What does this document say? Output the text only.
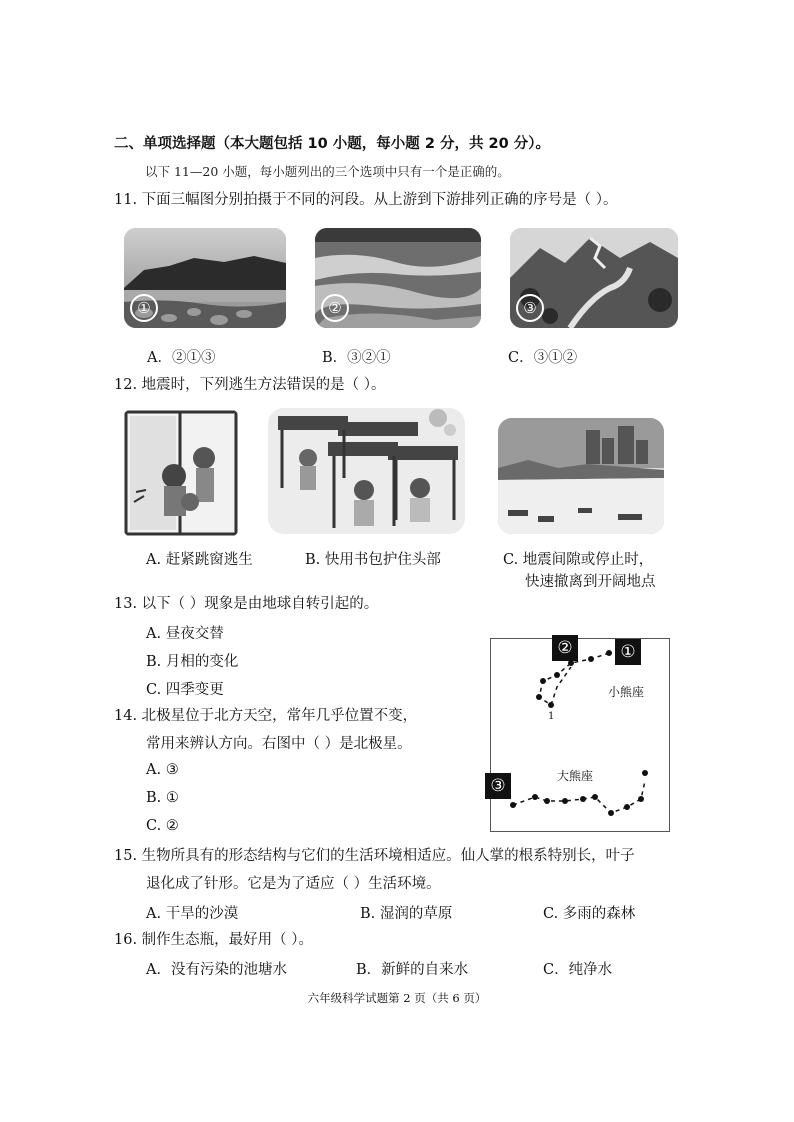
二、单项选择题（本大题包括 10 小题，每小题 2 分，共 20 分）。
以下 11—20 小题，每小题列出的三个选项中只有一个是正确的。
11. 下面三幅图分别拍摄于不同的河段。从上游到下游排列正确的序号是（ ）。
①	②	③
A．②①③	B．③②①	C．③①②
12. 地震时，下列逃生方法错误的是（ ）。
A. 赶紧跳窗逃生	B. 快用书包护住头部	C. 地震间隙或停止时，
快速撤离到开阔地点
13. 以下（ ）现象是由地球自转引起的。
A. 昼夜交替
B. 月相的变化
C. 四季变更
14. 北极星位于北方天空，常年几乎位置不变，
常用来辨认方向。右图中（ ）是北极星。
A. ③
B. ①
C. ②
②	①
③
小熊座
大熊座
1
15. 生物所具有的形态结构与它们的生活环境相适应。仙人掌的根系特别长，叶子
退化成了针形。它是为了适应（ ）生活环境。
A. 干旱的沙漠	B. 湿润的草原	C. 多雨的森林
16. 制作生态瓶，最好用（ ）。
A．没有污染的池塘水	B．新鲜的自来水	C．纯净水
六年级科学试题第 2 页（共 6 页）
